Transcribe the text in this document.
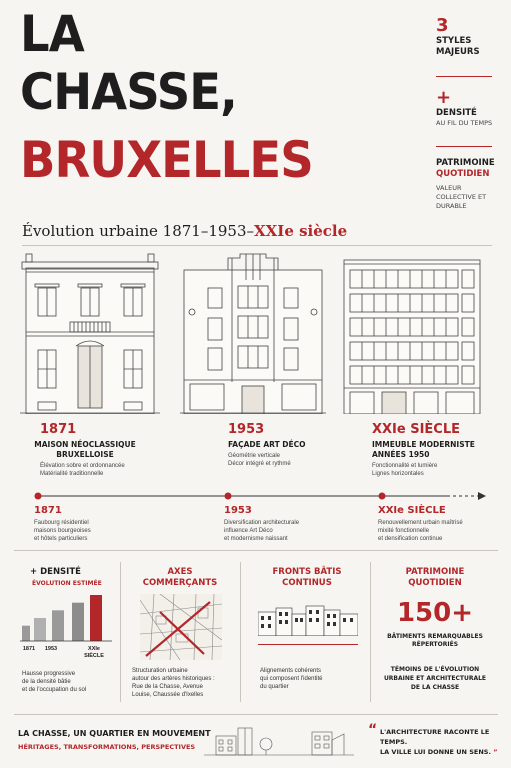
LA
CHASSE,
BRUXELLES
3
STYLES MAJEURS
+
DENSITÉ
AU FIL DU TEMPS
PATRIMOINE
QUOTIDIEN
VALEUR COLLECTIVE ET DURABLE
Évolution urbaine 1871–1953–XXIe siècle
1871
MAISON NÉOCLASSIQUE
BRUXELLOISE
Élévation sobre et ordonnancée
Matérialité traditionnelle
1953
FAÇADE ART DÉCO
Géométrie verticale
Décor intégré et rythmé
XXIe SIÈCLE
IMMEUBLE MODERNISTE
ANNÉES 1950
Fonctionnalité et lumière
Lignes horizontales
1871
Faubourg résidentiel
maisons bourgeoises
et hôtels particuliers
1953
Diversification architecturale
influence Art Déco
et modernisme naissant
XXIe SIÈCLE
Renouvellement urbain maîtrisé
mixité fonctionnelle
et densification continue
+ DENSITÉ
ÉVOLUTION ESTIMÉE
1871	1953	XXIe
SIÈCLE
Hausse progressive
de la densité bâtie
et de l'occupation du sol
AXES
COMMERÇANTS
Structuration urbaine
autour des artères historiques :
Rue de la Chasse, Avenue
Louise, Chaussée d'Ixelles
FRONTS BÂTIS
CONTINUS
Alignements cohérents
qui composent l'identité
du quartier
PATRIMOINE
QUOTIDIEN
150+
BÂTIMENTS REMARQUABLES
RÉPERTORIÉS
TÉMOINS DE L'ÉVOLUTION
URBAINE ET ARCHITECTURALE
DE LA CHASSE
LA CHASSE, UN QUARTIER EN MOUVEMENT
HÉRITAGES, TRANSFORMATIONS, PERSPECTIVES
“ L'ARCHITECTURE RACONTE LE TEMPS.
LA VILLE LUI DONNE UN SENS. ”
